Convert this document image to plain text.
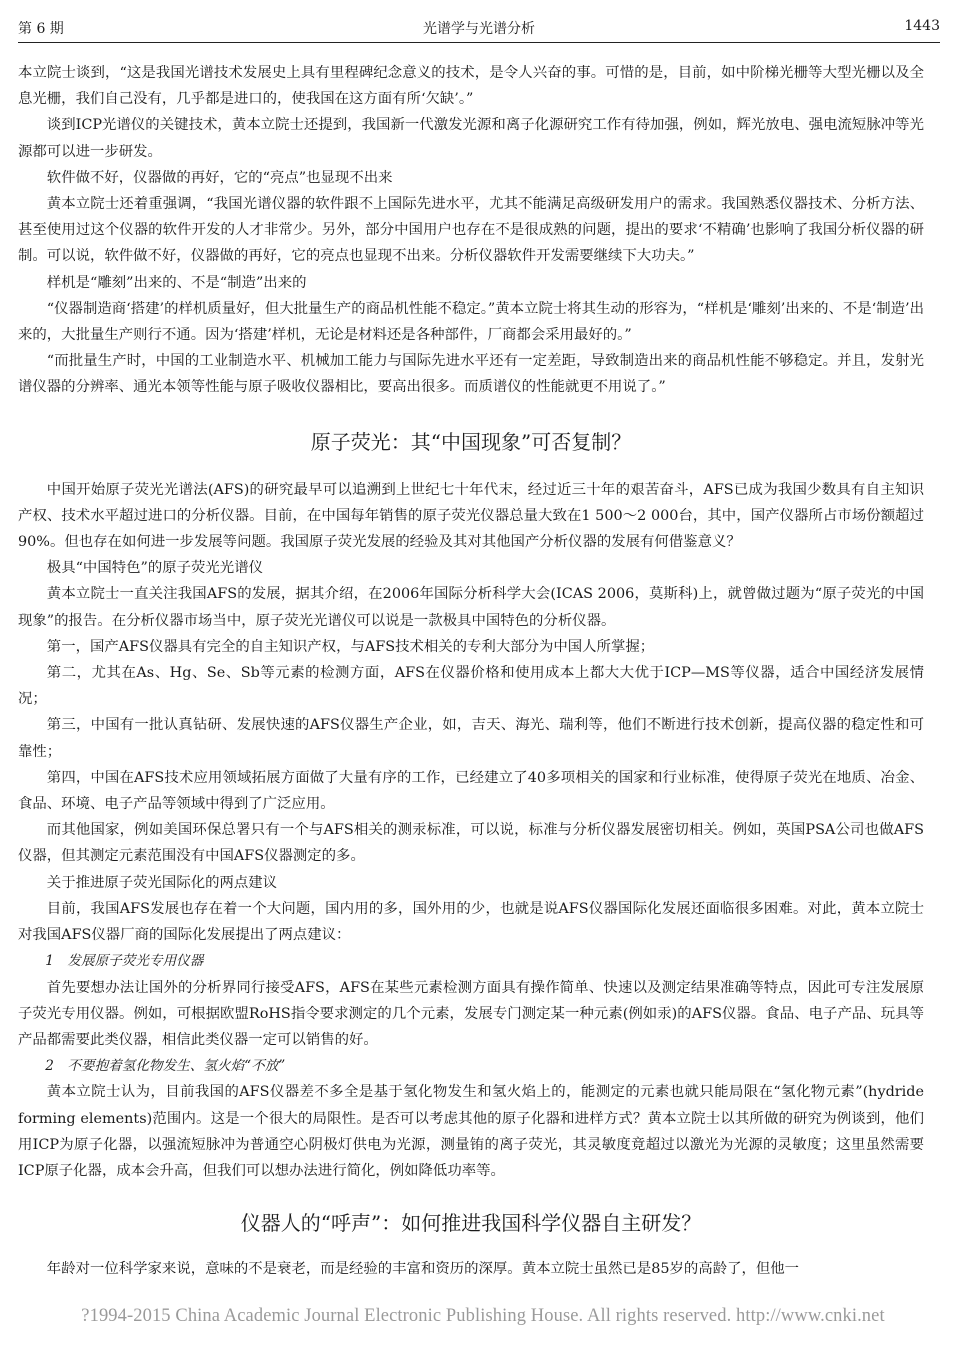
第 6 期	光谱学与光谱分析	1443

本立院士谈到，“这是我国光谱技术发展史上具有里程碑纪念意义的技术，是令人兴奋的事。可惜的是，目前，如中阶梯光栅等大型光栅以及全息光栅，我们自己没有，几乎都是进口的，使我国在这方面有所‘欠缺’。”

谈到ICP光谱仪的关键技术，黄本立院士还提到，我国新一代激发光源和离子化源研究工作有待加强，例如，辉光放电、强电流短脉冲等光源都可以进一步研发。

软件做不好，仪器做的再好，它的“亮点”也显现不出来

黄本立院士还着重强调，“我国光谱仪器的软件跟不上国际先进水平，尤其不能满足高级研发用户的需求。我国熟悉仪器技术、分析方法、甚至使用过这个仪器的软件开发的人才非常少。另外，部分中国用户也存在不是很成熟的问题，提出的要求‘不精确’也影响了我国分析仪器的研制。可以说，软件做不好，仪器做的再好，它的亮点也显现不出来。分析仪器软件开发需要继续下大功夫。”

样机是“雕刻”出来的、不是“制造”出来的

“仪器制造商‘搭建’的样机质量好，但大批量生产的商品机性能不稳定。”黄本立院士将其生动的形容为，“样机是‘雕刻’出来的、不是‘制造’出来的，大批量生产则行不通。因为‘搭建’样机，无论是材料还是各种部件，厂商都会采用最好的。”

“而批量生产时，中国的工业制造水平、机械加工能力与国际先进水平还有一定差距，导致制造出来的商品机性能不够稳定。并且，发射光谱仪器的分辨率、通光本领等性能与原子吸收仪器相比，要高出很多。而质谱仪的性能就更不用说了。”

原子荧光：其“中国现象”可否复制？

中国开始原子荧光光谱法(AFS)的研究最早可以追溯到上世纪七十年代末，经过近三十年的艰苦奋斗，AFS已成为我国少数具有自主知识产权、技术水平超过进口的分析仪器。目前，在中国每年销售的原子荧光仪器总量大致在1 500～2 000台，其中，国产仪器所占市场份额超过90%。但也存在如何进一步发展等问题。我国原子荧光发展的经验及其对其他国产分析仪器的发展有何借鉴意义？

极具“中国特色”的原子荧光光谱仪

黄本立院士一直关注我国AFS的发展，据其介绍，在2006年国际分析科学大会(ICAS 2006，莫斯科)上，就曾做过题为“原子荧光的中国现象”的报告。在分析仪器市场当中，原子荧光光谱仪可以说是一款极具中国特色的分析仪器。

第一，国产AFS仪器具有完全的自主知识产权，与AFS技术相关的专利大部分为中国人所掌握；

第二，尤其在As、Hg、Se、Sb等元素的检测方面，AFS在仪器价格和使用成本上都大大优于ICP—MS等仪器，适合中国经济发展情况；

第三，中国有一批认真钻研、发展快速的AFS仪器生产企业，如，吉天、海光、瑞利等，他们不断进行技术创新，提高仪器的稳定性和可靠性；

第四，中国在AFS技术应用领域拓展方面做了大量有序的工作，已经建立了40多项相关的国家和行业标准，使得原子荧光在地质、冶金、食品、环境、电子产品等领域中得到了广泛应用。

而其他国家，例如美国环保总署只有一个与AFS相关的测汞标准，可以说，标准与分析仪器发展密切相关。例如，英国PSA公司也做AFS仪器，但其测定元素范围没有中国AFS仪器测定的多。

关于推进原子荧光国际化的两点建议

目前，我国AFS发展也存在着一个大问题，国内用的多，国外用的少，也就是说AFS仪器国际化发展还面临很多困难。对此，黄本立院士对我国AFS仪器厂商的国际化发展提出了两点建议：

1　发展原子荧光专用仪器

首先要想办法让国外的分析界同行接受AFS，AFS在某些元素检测方面具有操作简单、快速以及测定结果准确等特点，因此可专注发展原子荧光专用仪器。例如，可根据欧盟RoHS指令要求测定的几个元素，发展专门测定某一种元素(例如汞)的AFS仪器。食品、电子产品、玩具等产品都需要此类仪器，相信此类仪器一定可以销售的好。

2　不要抱着氢化物发生、氢火焰“不放”

黄本立院士认为，目前我国的AFS仪器差不多全是基于氢化物发生和氢火焰上的，能测定的元素也就只能局限在“氢化物元素”(hydride forming elements)范围内。这是一个很大的局限性。是否可以考虑其他的原子化器和进样方式？黄本立院士以其所做的研究为例谈到，他们用ICP为原子化器，以强流短脉冲为普通空心阴极灯供电为光源，测量铕的离子荧光，其灵敏度竟超过以激光为光源的灵敏度；这里虽然需要ICP原子化器，成本会升高，但我们可以想办法进行简化，例如降低功率等。

仪器人的“呼声”：如何推进我国科学仪器自主研发？

年龄对一位科学家来说，意味的不是衰老，而是经验的丰富和资历的深厚。黄本立院士虽然已是85岁的高龄了，但他一

?1994-2015 China Academic Journal Electronic Publishing House. All rights reserved. http://www.cnki.net
